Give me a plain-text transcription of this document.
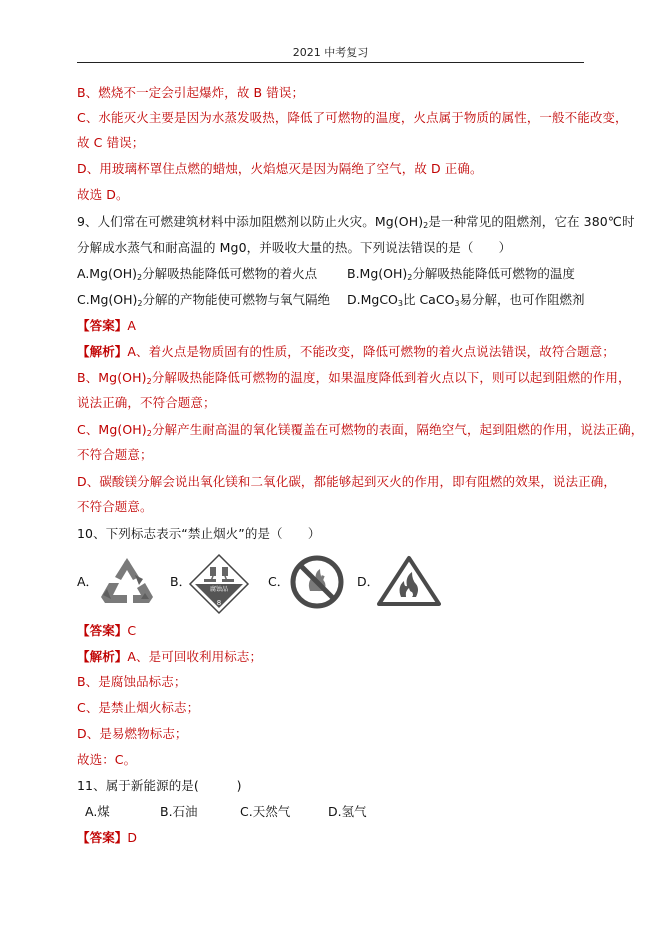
2021 中考复习
B、燃烧不一定会引起爆炸，故 B 错误；
C、水能灭火主要是因为水蒸发吸热，降低了可燃物的温度，火点属于物质的属性，一般不能改变，
故 C 错误；
D、用玻璃杯罩住点燃的蜡烛，火焰熄灭是因为隔绝了空气，故 D 正确。
故选 D。
9、人们常在可燃建筑材料中添加阻燃剂以防止火灾。$Mg(OH)_2$是一种常见的阻燃剂，它在 380℃时
分解成水蒸气和耐高温的 Mg0，并吸收大量的热。下列说法错误的是（　　）
$A.Mg(OH)_2$分解吸热能降低可燃物的着火点 $B.Mg(OH)_2$分解吸热能降低可燃物的温度
$C.Mg(OH)_2$分解的产物能使可燃物与氧气隔绝 D.MgCO$_3$比 CaCO$_3$易分解，也可作阻燃剂
【答案】A
【解析】A、着火点是物质固有的性质，不能改变，降低可燃物的着火点说法错误，故符合题意；
B、$Mg(OH)_2$分解吸热能降低可燃物的温度，如果温度降低到着火点以下，则可以起到阻燃的作用，
说法正确，不符合题意；
C、$Mg(OH)_2$分解产生耐高温的氧化镁覆盖在可燃物的表面，隔绝空气，起到阻燃的作用，说法正确，
不符合题意；
D、碳酸镁分解会说出氧化镁和二氧化碳，都能够起到灭火的作用，即有阻燃的效果，说法正确，
不符合题意。
10、下列标志表示“禁止烟火”的是（　　）
A．	B．
腐蚀品
8
C．	D．
【答案】C
【解析】A、是可回收利用标志；
B、是腐蚀品标志；
C、是禁止烟火标志；
D、是易燃物标志；
故选：C。
11、属于新能源的是(　　　)
A.煤	B.石油	C.天然气	D.氢气
【答案】D
